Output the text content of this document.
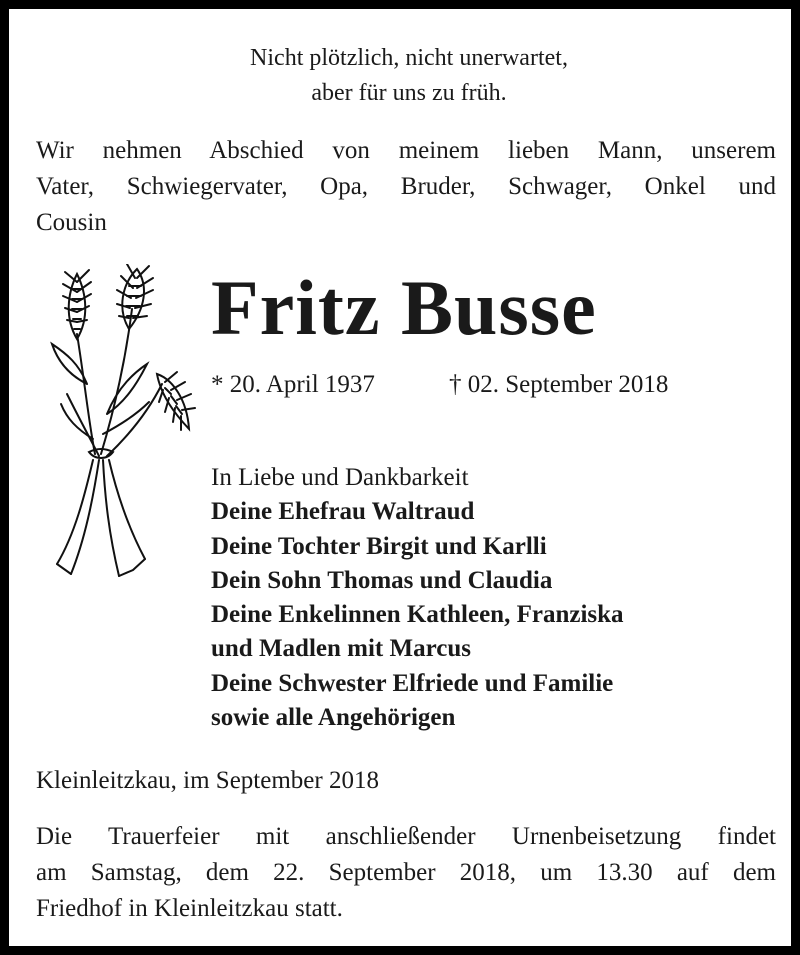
Nicht plötzlich, nicht unerwartet,
aber für uns zu früh.
Wir nehmen Abschied von meinem lieben Mann, unserem
Vater, Schwiegervater, Opa, Bruder, Schwager, Onkel und
Cousin
Fritz Busse
* 20. April 1937	† 02. September 2018
In Liebe und Dankbarkeit
Deine Ehefrau Waltraud
Deine Tochter Birgit und Karlli
Dein Sohn Thomas und Claudia
Deine Enkelinnen Kathleen, Franziska
und Madlen mit Marcus
Deine Schwester Elfriede und Familie
sowie alle Angehörigen
Kleinleitzkau, im September 2018
Die Trauerfeier mit anschließender Urnenbeisetzung findet
am Samstag, dem 22. September 2018, um 13.30 auf dem
Friedhof in Kleinleitzkau statt.
